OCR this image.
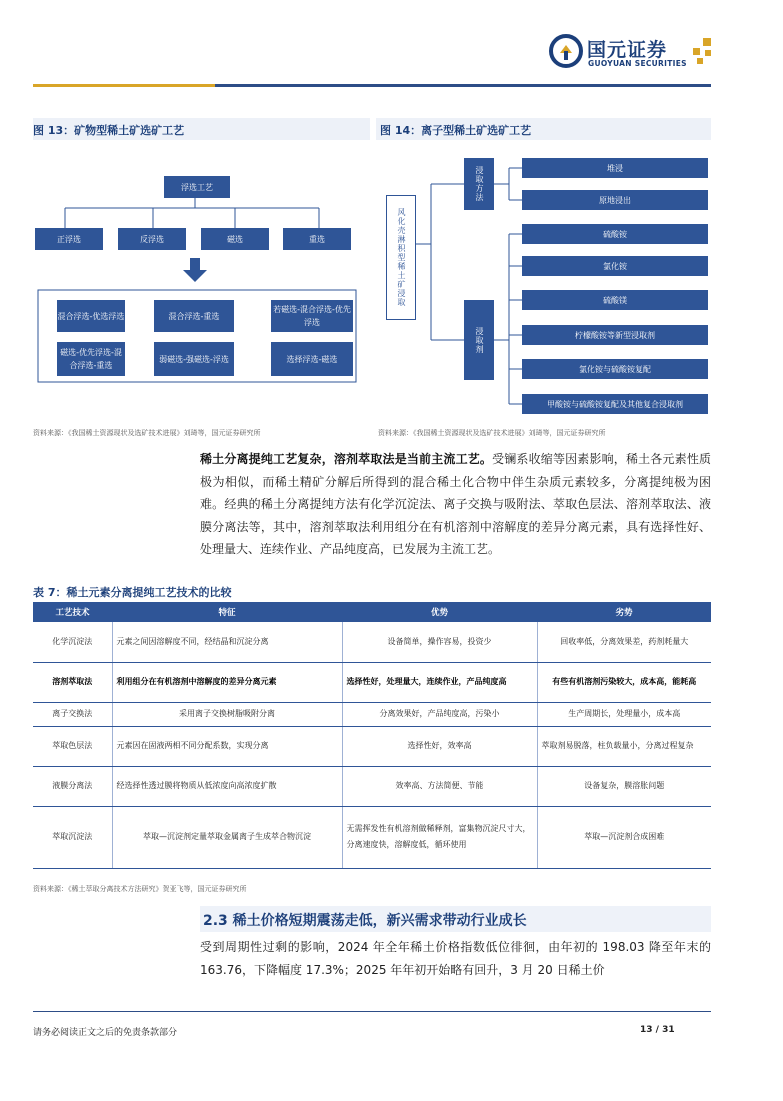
国元证券
GUOYUAN SECURITIES
图 13：矿物型稀土矿选矿工艺
浮选工艺
正浮选	反浮选	磁选	重选
混合浮选-优选浮选	混合浮选-重选
若磁选-混合浮选-优先浮选
磁选-优先浮选-混合浮选-重选
弱磁选-强磁选-浮选	选择浮选-磁选
资料来源：《我国稀土资源现状及选矿技术进展》刘琦等，国元证券研究所
图 14：离子型稀土矿选矿工艺
风化壳淋积型稀土矿浸取
浸取方法
浸取剂
堆浸
原地浸出
硫酸铵
氯化铵
硫酸镁
柠檬酸铵等新型浸取剂
氯化铵与硫酸铵复配
甲酸铵与硫酸铵复配及其他复合浸取剂
资料来源：《我国稀土资源现状及选矿技术进展》刘琦等，国元证券研究所
稀土分离提纯工艺复杂，溶剂萃取法是当前主流工艺。受镧系收缩等因素影响，稀土各元素性质极为相似，而稀土精矿分解后所得到的混合稀土化合物中伴生杂质元素较多，分离提纯极为困难。经典的稀土分离提纯方法有化学沉淀法、离子交换与吸附法、萃取色层法、溶剂萃取法、液膜分离法等，其中，溶剂萃取法利用组分在有机溶剂中溶解度的差异分离元素，具有选择性好、处理量大、连续作业、产品纯度高，已发展为主流工艺。
表 7：稀土元素分离提纯工艺技术的比较
工艺技术	特征	优势	劣势
化学沉淀法	元素之间因溶解度不同，经结晶和沉淀分离	设备简单，操作容易，投资少	回收率低，分离效果差，药剂耗量大
溶剂萃取法	利用组分在有机溶剂中溶解度的差异分离元素	选择性好，处理量大，连续作业，产品纯度高	有些有机溶剂污染较大，成本高，能耗高
离子交换法	采用离子交换树脂吸附分离	分离效果好，产品纯度高，污染小	生产周期长，处理量小，成本高
萃取色层法	元素因在固液两相不同分配系数，实现分离	选择性好，效率高	萃取剂易脱落，柱负载量小，分离过程复杂
液膜分离法	经选择性透过膜将物质从低浓度向高浓度扩散	效率高、方法简便、节能	设备复杂，膜溶胀问题
萃取沉淀法	萃取—沉淀剂定量萃取金属离子生成萃合物沉淀	无需挥发性有机溶剂做稀释剂，富集物沉淀尺寸大，分离速度快，溶解度低，循环使用	萃取—沉淀剂合成困难
资料来源：《稀土萃取分离技术方法研究》贺亚飞等，国元证券研究所
2.3 稀土价格短期震荡走低，新兴需求带动行业成长
受到周期性过剩的影响，2024 年全年稀土价格指数低位徘徊，由年初的 198.03 降至年末的 163.76，下降幅度 17.3%；2025 年年初开始略有回升，3 月 20 日稀土价
请务必阅读正文之后的免责条款部分	13 / 31
